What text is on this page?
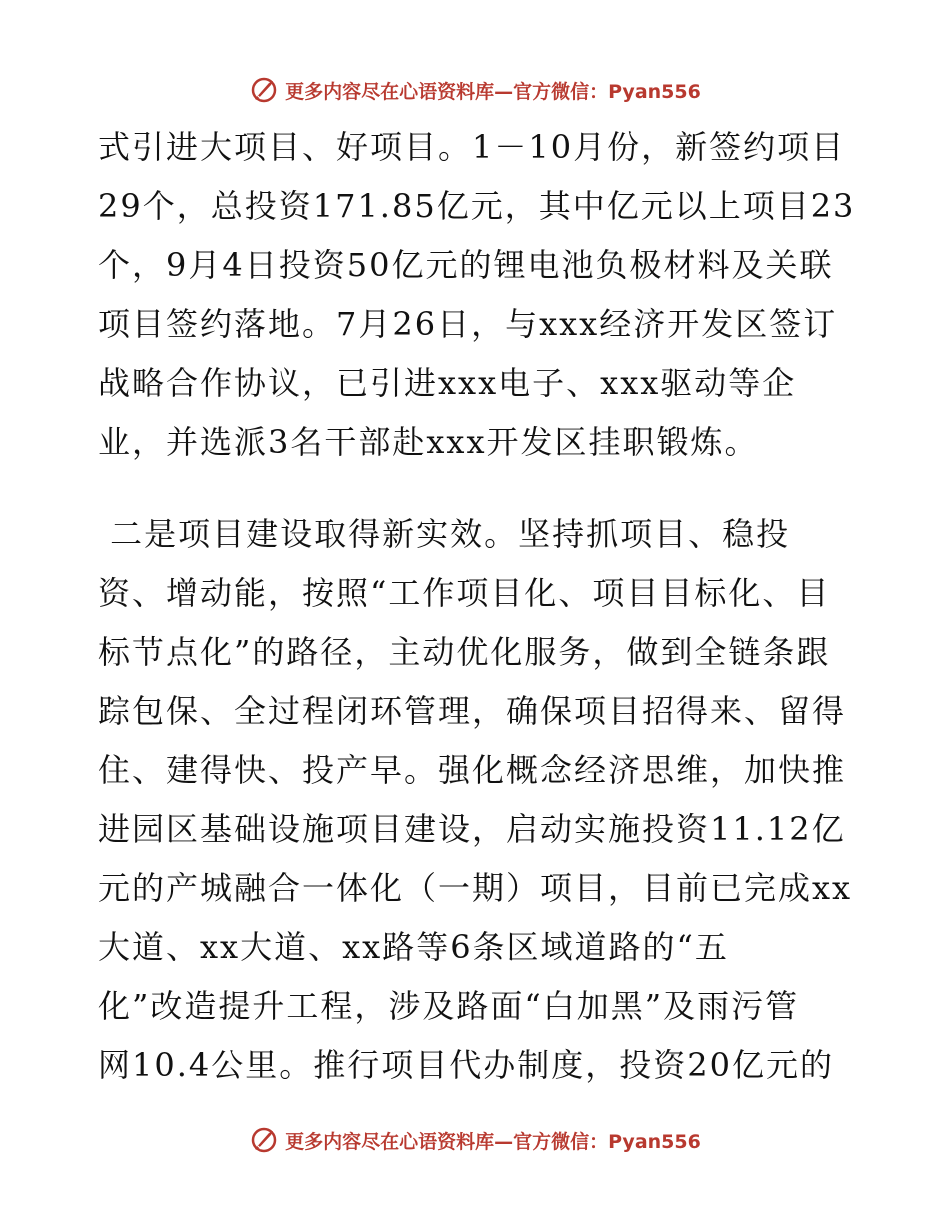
更多内容尽在心语资料库—官方微信：Pyan556
式引进大项目、好项目。1－10月份，新签约项目
29个，总投资171.85亿元，其中亿元以上项目23
个，9月4日投资50亿元的锂电池负极材料及关联
项目签约落地。7月26日，与xxx经济开发区签订
战略合作协议，已引进xxx电子、xxx驱动等企
业，并选派3名干部赴xxx开发区挂职锻炼。
二是项目建设取得新实效。坚持抓项目、稳投
资、增动能，按照“工作项目化、项目目标化、目
标节点化”的路径，主动优化服务，做到全链条跟
踪包保、全过程闭环管理，确保项目招得来、留得
住、建得快、投产早。强化概念经济思维，加快推
进园区基础设施项目建设，启动实施投资11.12亿
元的产城融合一体化（一期）项目，目前已完成xx
大道、xx大道、xx路等6条区域道路的“五
化”改造提升工程，涉及路面“白加黑”及雨污管
网10.4公里。推行项目代办制度，投资20亿元的
更多内容尽在心语资料库—官方微信：Pyan556
